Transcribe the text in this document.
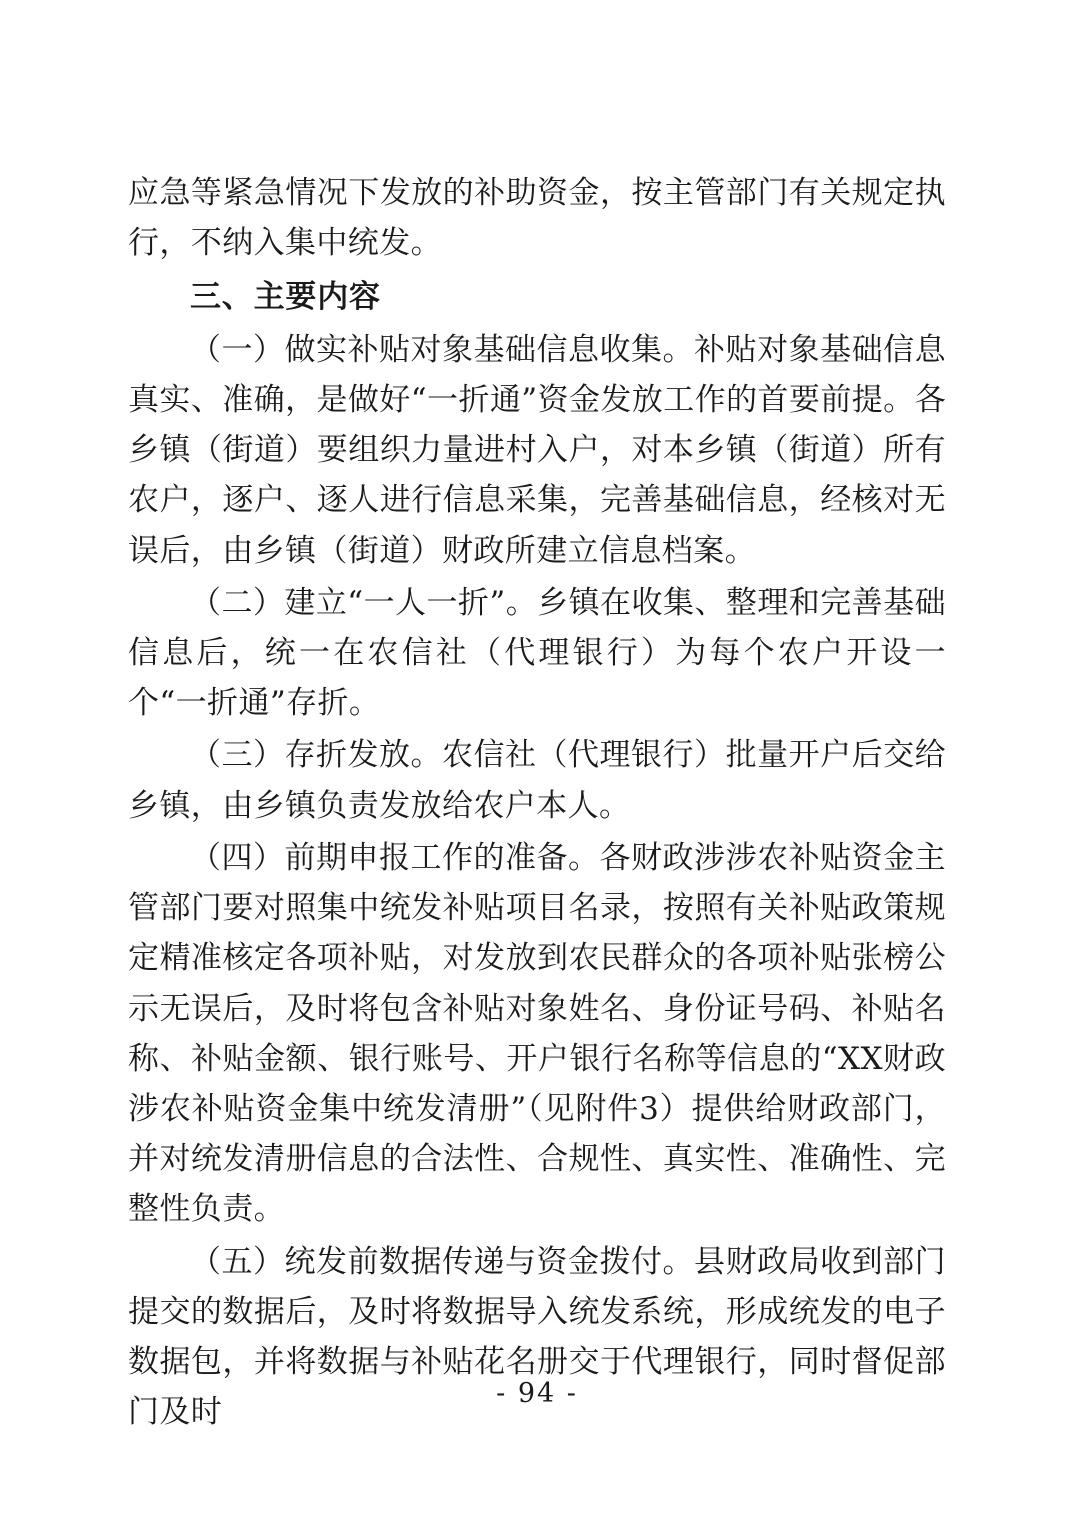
应急等紧急情况下发放的补助资金，按主管部门有关规定执行，不纳入集中统发。

三、主要内容

（一）做实补贴对象基础信息收集。补贴对象基础信息真实、准确，是做好“一折通”资金发放工作的首要前提。各乡镇（街道）要组织力量进村入户，对本乡镇（街道）所有农户，逐户、逐人进行信息采集，完善基础信息，经核对无误后，由乡镇（街道）财政所建立信息档案。

（二）建立“一人一折”。乡镇在收集、整理和完善基础信息后，统一在农信社（代理银行）为每个农户开设一个“一折通”存折。

（三）存折发放。农信社（代理银行）批量开户后交给乡镇，由乡镇负责发放给农户本人。

（四）前期申报工作的准备。各财政涉涉农补贴资金主管部门要对照集中统发补贴项目名录，按照有关补贴政策规定精准核定各项补贴，对发放到农民群众的各项补贴张榜公示无误后，及时将包含补贴对象姓名、身份证号码、补贴名称、补贴金额、银行账号、开户银行名称等信息的“XX财政涉农补贴资金集中统发清册”（见附件3）提供给财政部门，并对统发清册信息的合法性、合规性、真实性、准确性、完整性负责。

（五）统发前数据传递与资金拨付。县财政局收到部门提交的数据后，及时将数据导入统发系统，形成统发的电子数据包，并将数据与补贴花名册交于代理银行，同时督促部门及时

- 94 -
